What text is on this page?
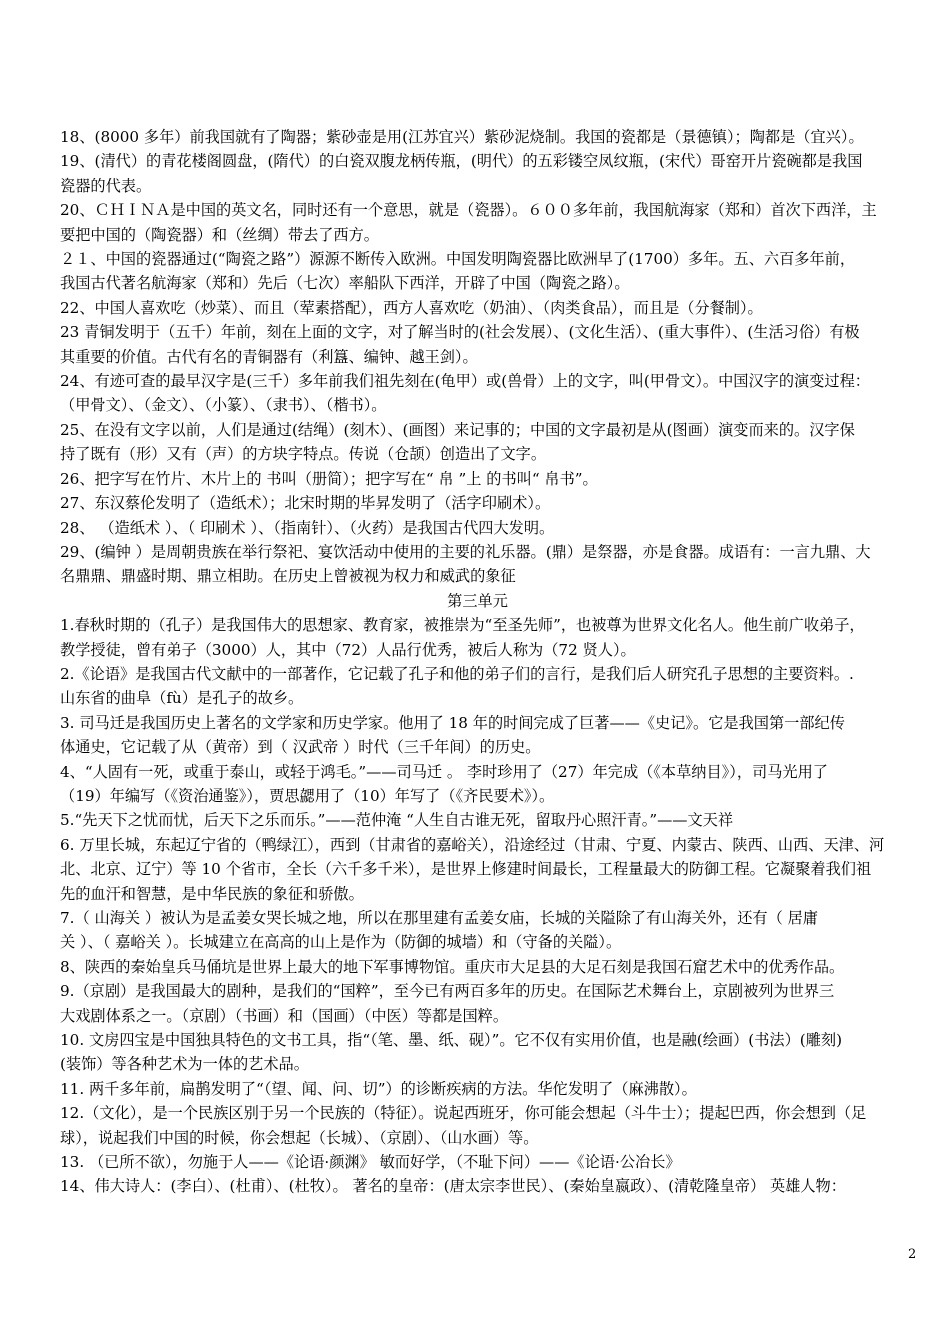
18、(8000 多年）前我国就有了陶器；紫砂壶是用(江苏宜兴）紫砂泥烧制。我国的瓷都是（景德镇）；陶都是（宜兴）。
19、(清代）的青花楼阁圆盘，(隋代）的白瓷双腹龙柄传瓶，(明代）的五彩镂空凤纹瓶，(宋代）哥窑开片瓷碗都是我国
瓷器的代表。
20、ＣＨＩＮＡ是中国的英文名，同时还有一个意思，就是（瓷器）。６００多年前，我国航海家（郑和）首次下西洋，主
要把中国的（陶瓷器）和（丝绸）带去了西方。
２１、中国的瓷器通过(“陶瓷之路”）源源不断传入欧洲。中国发明陶瓷器比欧洲早了(1700）多年。五、六百多年前，
我国古代著名航海家（郑和）先后（七次）率船队下西洋，开辟了中国（陶瓷之路）。
22、中国人喜欢吃（炒菜）、而且（荤素搭配），西方人喜欢吃（奶油）、（肉类食品），而且是（分餐制）。
23 青铜发明于（五千）年前，刻在上面的文字，对了解当时的(社会发展）、(文化生活）、(重大事件）、(生活习俗）有极
其重要的价值。古代有名的青铜器有（利簋、编钟、越王剑）。
24、有迹可查的最早汉字是(三千）多年前我们祖先刻在(龟甲）或(兽骨）上的文字，叫(甲骨文）。中国汉字的演变过程：
（甲骨文）、（金文）、（小篆）、（隶书）、（楷书）。
25、在没有文字以前，人们是通过(结绳）(刻木）、(画图）来记事的；中国的文字最初是从(图画）演变而来的。汉字保
持了既有（形）又有（声）的方块字特点。传说（仓颉）创造出了文字。
26、把字写在竹片、木片上的 书叫（册简）；把字写在“ 帛 ”上 的书叫“ 帛书”。
27、东汉蔡伦发明了（造纸术）；北宋时期的毕昇发明了（活字印刷术）。
28、 （造纸术 ）、（ 印刷术 ）、（指南针）、（火药）是我国古代四大发明。
29、(编钟 ）是周朝贵族在举行祭祀、宴饮活动中使用的主要的礼乐器。(鼎）是祭器，亦是食器。成语有：一言九鼎、大
名鼎鼎、鼎盛时期、鼎立相助。在历史上曾被视为权力和威武的象征
第三单元
1.春秋时期的（孔子）是我国伟大的思想家、教育家，被推崇为“至圣先师”，也被尊为世界文化名人。他生前广收弟子，
教学授徒，曾有弟子（3000）人，其中（72）人品行优秀，被后人称为（72 贤人）。
2.《论语》是我国古代文献中的一部著作，它记载了孔子和他的弟子们的言行，是我们后人研究孔子思想的主要资料。.
山东省的曲阜（fù）是孔子的故乡。
3. 司马迁是我国历史上著名的文学家和历史学家。他用了 18 年的时间完成了巨著——《史记》。它是我国第一部纪传
体通史，它记载了从（黄帝）到（ 汉武帝 ）时代（三千年间）的历史。
4、“人固有一死，或重于泰山，或轻于鸿毛。”——司马迁 。 李时珍用了（27）年完成（《本草纳目》），司马光用了
（19）年编写（《资治通鉴》），贾思勰用了（10）年写了（《齐民要术》）。
5.“先天下之忧而忧，后天下之乐而乐。”——范仲淹 “人生自古谁无死，留取丹心照汗青。”——文天祥
6. 万里长城，东起辽宁省的（鸭绿江），西到（甘肃省的嘉峪关），沿途经过（甘肃、宁夏、内蒙古、陕西、山西、天津、河
北、北京、辽宁）等 10 个省市，全长（六千多千米），是世界上修建时间最长，工程量最大的防御工程。它凝聚着我们祖
先的血汗和智慧，是中华民族的象征和骄傲。
7.（ 山海关 ）被认为是孟姜女哭长城之地，所以在那里建有孟姜女庙，长城的关隘除了有山海关外，还有（ 居庸
关 ）、（ 嘉峪关 ）。长城建立在高高的山上是作为（防御的城墙）和（守备的关隘）。
8、陕西的秦始皇兵马俑坑是世界上最大的地下军事博物馆。重庆市大足县的大足石刻是我国石窟艺术中的优秀作品。
9.（京剧）是我国最大的剧种，是我们的“国粹”，至今已有两百多年的历史。在国际艺术舞台上，京剧被列为世界三
大戏剧体系之一。（京剧）（书画）和（国画）（中医）等都是国粹。
10. 文房四宝是中国独具特色的文书工具，指“（笔、墨、纸、砚）”。它不仅有实用价值，也是融(绘画）(书法）(雕刻)
(装饰）等各种艺术为一体的艺术品。
11. 两千多年前，扁鹊发明了“（望、闻、问、切”）的诊断疾病的方法。华佗发明了（麻沸散）。
12.（文化），是一个民族区别于另一个民族的（特征）。说起西班牙，你可能会想起（斗牛士）；提起巴西，你会想到（足
球），说起我们中国的时候，你会想起（长城）、（京剧）、（山水画）等。
13. （已所不欲），勿施于人——《论语·颜渊》 敏而好学，（不耻下问）——《论语·公冶长》
14、伟大诗人：(李白）、(杜甫）、(杜牧）。 著名的皇帝：(唐太宗李世民）、(秦始皇嬴政）、(清乾隆皇帝） 英雄人物：
2
